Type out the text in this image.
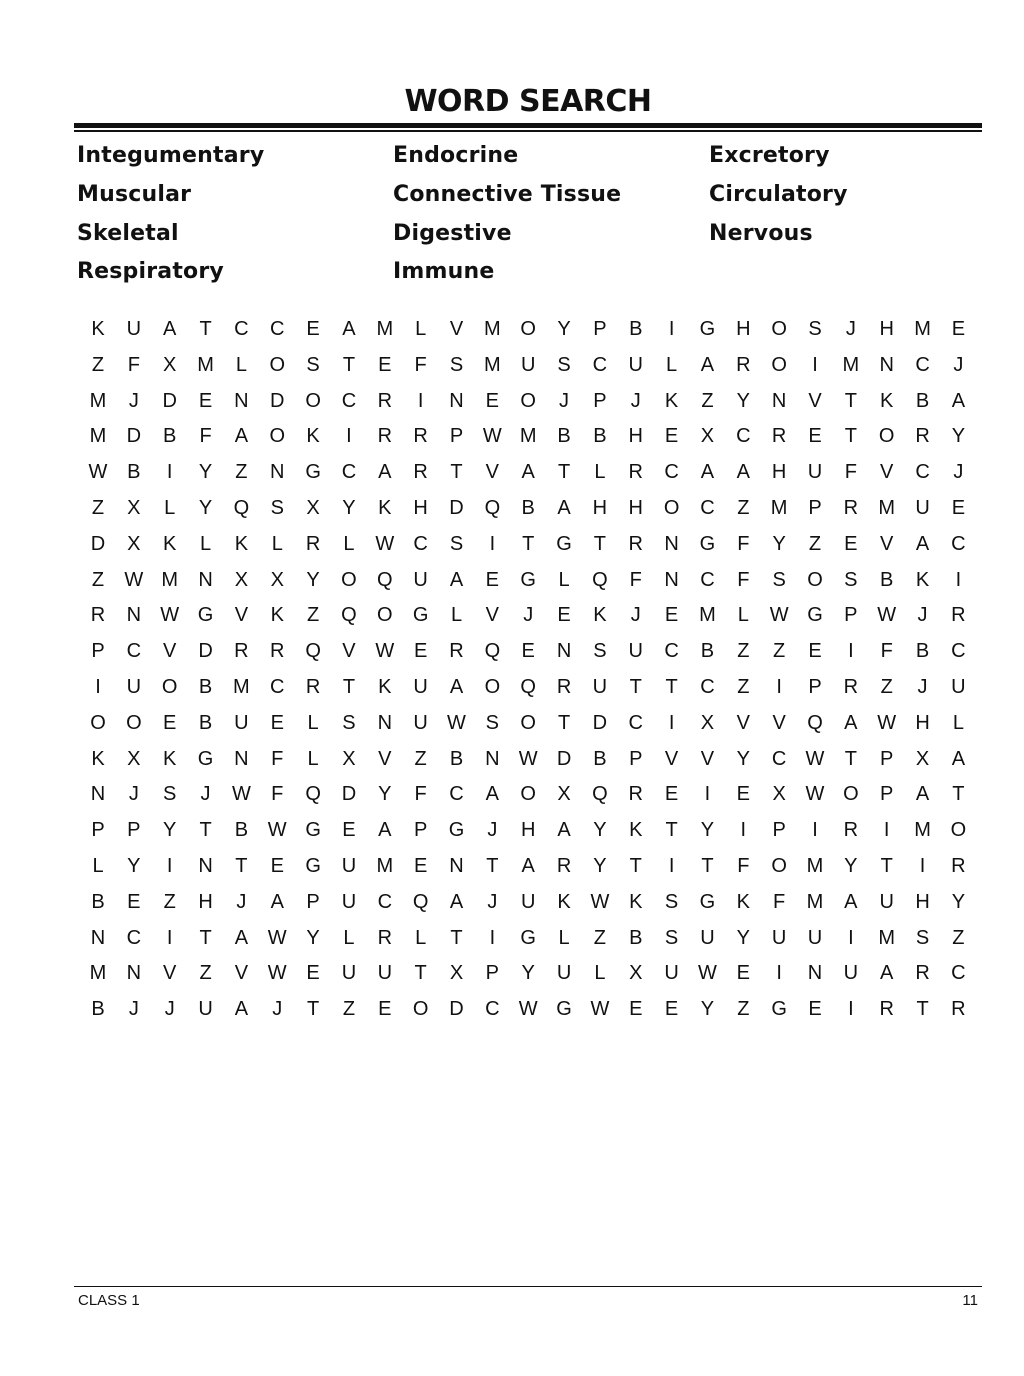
WORD SEARCH
Integumentary
Muscular
Skeletal
Respiratory
Endocrine
Connective Tissue
Digestive
Immune
Excretory
Circulatory
Nervous
K	U	A	T	C	C	E	A	M	L	V	M O	Y	P	B	I	G	H	O	S	J	H	M	E
Z	F	X	M	L	O	S	T	E	F	S	M	U	S	C	U	L	A	R	O	I	M	N	C	J
M	J	D	E	N	D	O	C	R	I	N	E	O	J	P	J	K	Z	Y	N	V	T	K	B	A
M	D	B	F	A	O	K	I	R	R	P W M	B	B	H	E	X	C	R	E	T	O	R	Y
W B	I	Y	Z	N	G	C	A	R	T	V	A	T	L	R	C	A	A	H	U	F	V	C	J
Z	X	L	Y	Q	S	X	Y	K	H	D	Q	B	A	H	H	O	C	Z	M	P	R	M	U	E
D	X	K	L	K	L	R	L	W C	S	I	T	G	T	R	N	G	F	Y	Z	E	V	A	C
Z	W M	N	X	X	Y	O	Q	U	A	E	G	L	Q	F	N	C	F	S	O	S	B	K	I
R	N W G	V	K	Z	Q	O	G	L	V	J	E	K	J	E	M	L	W G	P W	J	R
P	C	V	D	R	R	Q	V W E	R	Q	E	N	S	U	C	B	Z	Z	E	I	F	B	C
I	U	O	B	M	C	R	T	K	U	A	O	Q	R	U	T	T	C	Z	I	P	R	Z	J	U
O	O	E	B	U	E	L	S	N	U W S	O	T	D	C	I	X	V	V	Q	A W H	L
K	X	K	G	N	F	L	X	V	Z	B	N W D	B	P	V	V	Y	C W	T	P	X	A
N	J	S	J	W	F	Q	D	Y	F	C	A	O	X	Q	R	E	I	E	X W O	P	A	T
P	P	Y	T	B W G	E	A	P	G	J	H	A	Y	K	T	Y	I	P	I	R	I	M O
L	Y	I	N	T	E	G	U	M	E	N	T	A	R	Y	T	I	T	F	O M	Y	T	I	R
B	E	Z	H	J	A	P	U	C	Q	A	J	U	K W K	S	G	K	F	M	A	U	H	Y
N	C	I	T	A W Y	L	R	L	T	I	G	L	Z	B	S	U	Y	U	U	I	M	S	Z
M	N	V	Z	V W E	U	U	T	X	P	Y	U	L	X	U W E	I	N	U	A	R	C
B	J	J	U	A	J	T	Z	E	O	D	C W G W E	E	Y	Z	G	E	I	R	T	R
CLASS 1	11
